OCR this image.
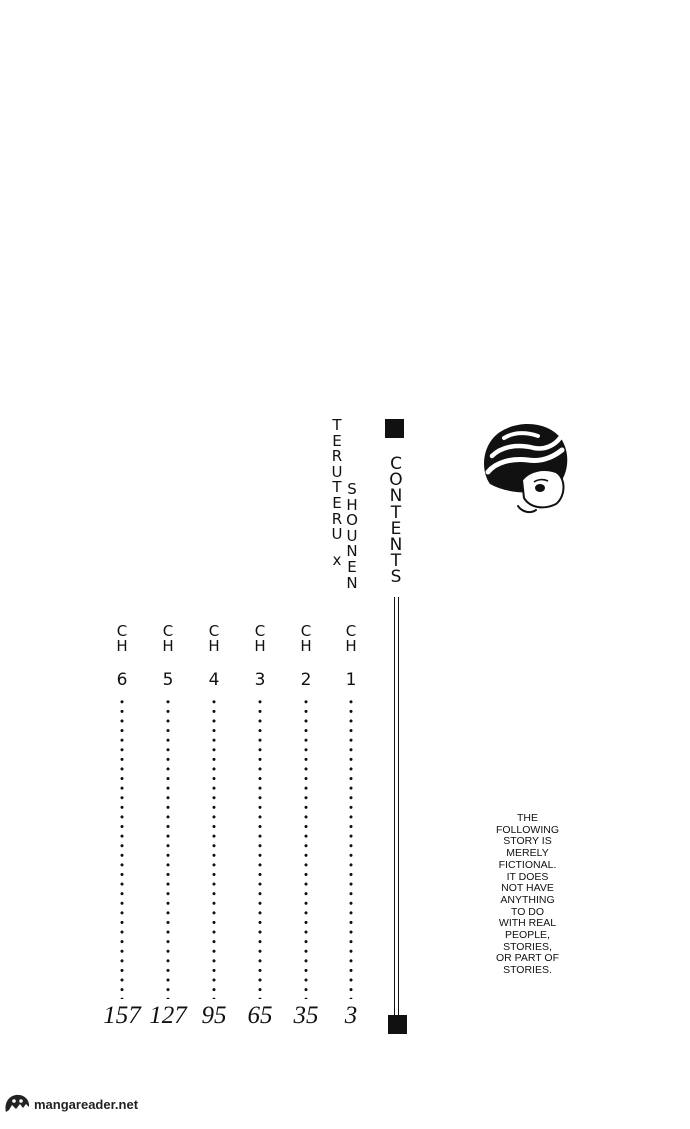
T
E
R
U
T
E
R
U
x
S
H
O
U
N
E
N
C
O
N
T
E
N
T
S
C
H
6
157
C
H
5
127
C
H
4
95
C
H
3
65
C
H
2
35
C
H
1
3
THE
FOLLOWING
STORY IS
MERELY
FICTIONAL.
IT DOES
NOT HAVE
ANYTHING
TO DO
WITH REAL
PEOPLE,
STORIES,
OR PART OF
STORIES.
mangareader.net
